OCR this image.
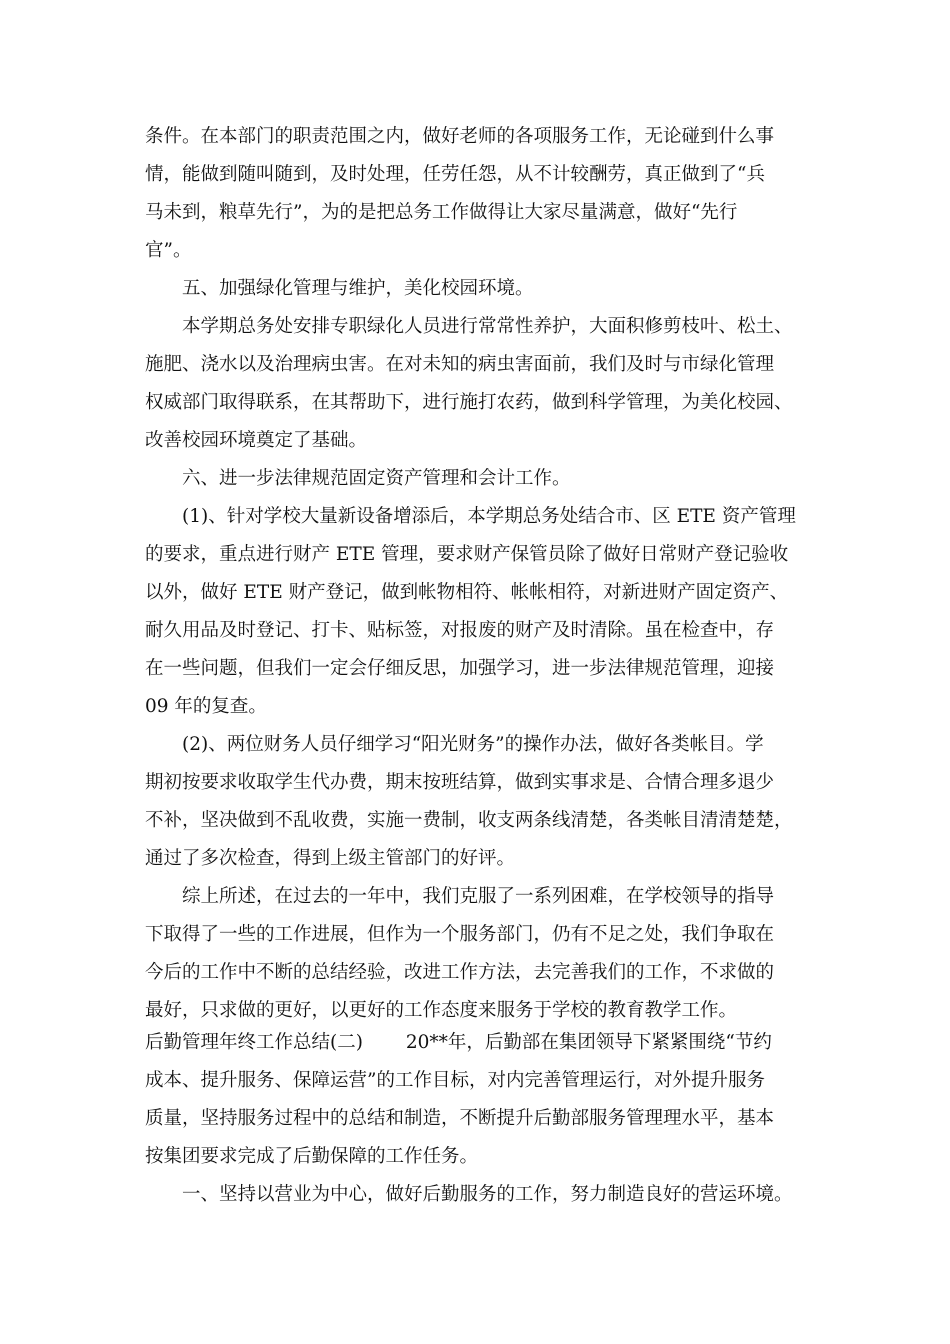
条件。在本部门的职责范围之内，做好老师的各项服务工作，无论碰到什么事
情，能做到随叫随到，及时处理，任劳任怨，从不计较酬劳，真正做到了“兵
马未到，粮草先行”，为的是把总务工作做得让大家尽量满意，做好“先行
官”。
五、加强绿化管理与维护，美化校园环境。
本学期总务处安排专职绿化人员进行常常性养护，大面积修剪枝叶、松土、
施肥、浇水以及治理病虫害。在对未知的病虫害面前，我们及时与市绿化管理
权威部门取得联系，在其帮助下，进行施打农药，做到科学管理，为美化校园、
改善校园环境奠定了基础。
六、进一步法律规范固定资产管理和会计工作。
(1)、针对学校大量新设备增添后，本学期总务处结合市、区 ETE 资产管理
的要求，重点进行财产 ETE 管理，要求财产保管员除了做好日常财产登记验收
以外，做好 ETE 财产登记，做到帐物相符、帐帐相符，对新进财产固定资产、
耐久用品及时登记、打卡、贴标签，对报废的财产及时清除。虽在检查中，存
在一些问题，但我们一定会仔细反思，加强学习，进一步法律规范管理，迎接
09 年的复查。
(2)、两位财务人员仔细学习“阳光财务”的操作办法，做好各类帐目。学
期初按要求收取学生代办费，期末按班结算，做到实事求是、合情合理多退少
不补，坚决做到不乱收费，实施一费制，收支两条线清楚，各类帐目清清楚楚，
通过了多次检查，得到上级主管部门的好评。
综上所述，在过去的一年中，我们克服了一系列困难，在学校领导的指导
下取得了一些的工作进展，但作为一个服务部门，仍有不足之处，我们争取在
今后的工作中不断的总结经验，改进工作方法，去完善我们的工作，不求做的
最好，只求做的更好，以更好的工作态度来服务于学校的教育教学工作。
后勤管理年终工作总结(二)　　 20**年，后勤部在集团领导下紧紧围绕“节约
成本、提升服务、保障运营”的工作目标，对内完善管理运行，对外提升服务
质量，坚持服务过程中的总结和制造，不断提升后勤部服务管理理水平，基本
按集团要求完成了后勤保障的工作任务。
一、坚持以营业为中心，做好后勤服务的工作，努力制造良好的营运环境。
